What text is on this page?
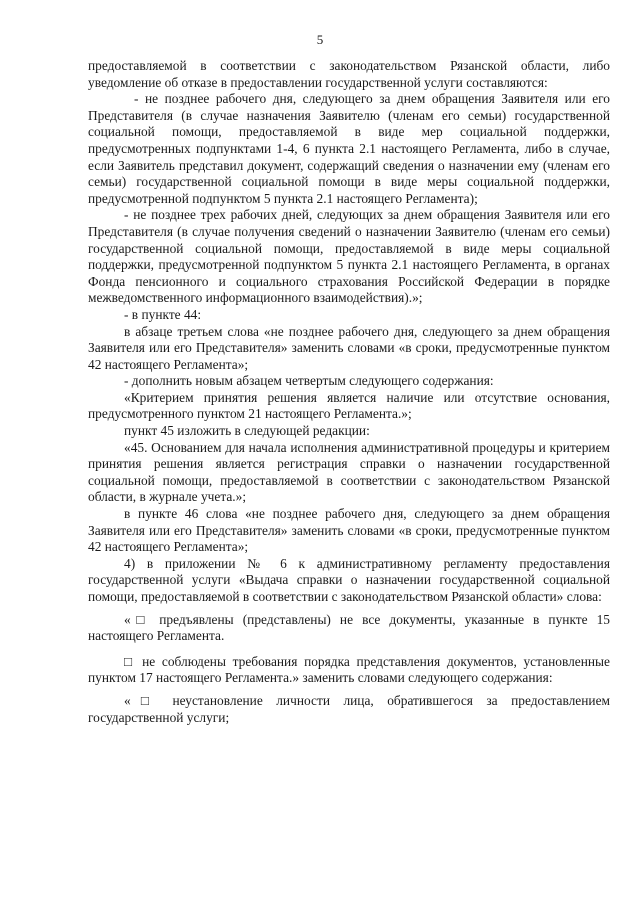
5

предоставляемой в соответствии с законодательством Рязанской области, либо уведомление об отказе в предоставлении государственной услуги составляются:

- не позднее рабочего дня, следующего за днем обращения Заявителя или его Представителя (в случае назначения Заявителю (членам его семьи) государственной социальной помощи, предоставляемой в виде мер социальной поддержки, предусмотренных подпунктами 1-4, 6 пункта 2.1 настоящего Регламента, либо в случае, если Заявитель представил документ, содержащий сведения о назначении ему (членам его семьи) государственной социальной помощи в виде меры социальной поддержки, предусмотренной подпунктом 5 пункта 2.1 настоящего Регламента);

- не позднее трех рабочих дней, следующих за днем обращения Заявителя или его Представителя (в случае получения сведений о назначении Заявителю (членам его семьи) государственной социальной помощи, предоставляемой в виде меры социальной поддержки, предусмотренной подпунктом 5 пункта 2.1 настоящего Регламента, в органах Фонда пенсионного и социального страхования Российской Федерации в порядке межведомственного информационного взаимодействия).»;

- в пункте 44:

в абзаце третьем слова «не позднее рабочего дня, следующего за днем обращения Заявителя или его Представителя» заменить словами «в сроки, предусмотренные пунктом 42 настоящего Регламента»;

- дополнить новым абзацем четвертым следующего содержания:

«Критерием принятия решения является наличие или отсутствие основания, предусмотренного пунктом 21 настоящего Регламента.»;

пункт 45 изложить в следующей редакции:

«45. Основанием для начала исполнения административной процедуры и критерием принятия решения является регистрация справки о назначении государственной социальной помощи, предоставляемой в соответствии с законодательством Рязанской области, в журнале учета.»;

в пункте 46 слова «не позднее рабочего дня, следующего за днем обращения Заявителя или его Представителя» заменить словами «в сроки, предусмотренные пунктом 42 настоящего Регламента»;

4) в приложении № 6 к административному регламенту предоставления государственной услуги «Выдача справки о назначении государственной социальной помощи, предоставляемой в соответствии с законодательством Рязанской области» слова:

«□ предъявлены (представлены) не все документы, указанные в пункте 15 настоящего Регламента.

□ не соблюдены требования порядка представления документов, установленные пунктом 17 настоящего Регламента.» заменить словами следующего содержания:

«□ неустановление личности лица, обратившегося за предоставлением государственной услуги;
